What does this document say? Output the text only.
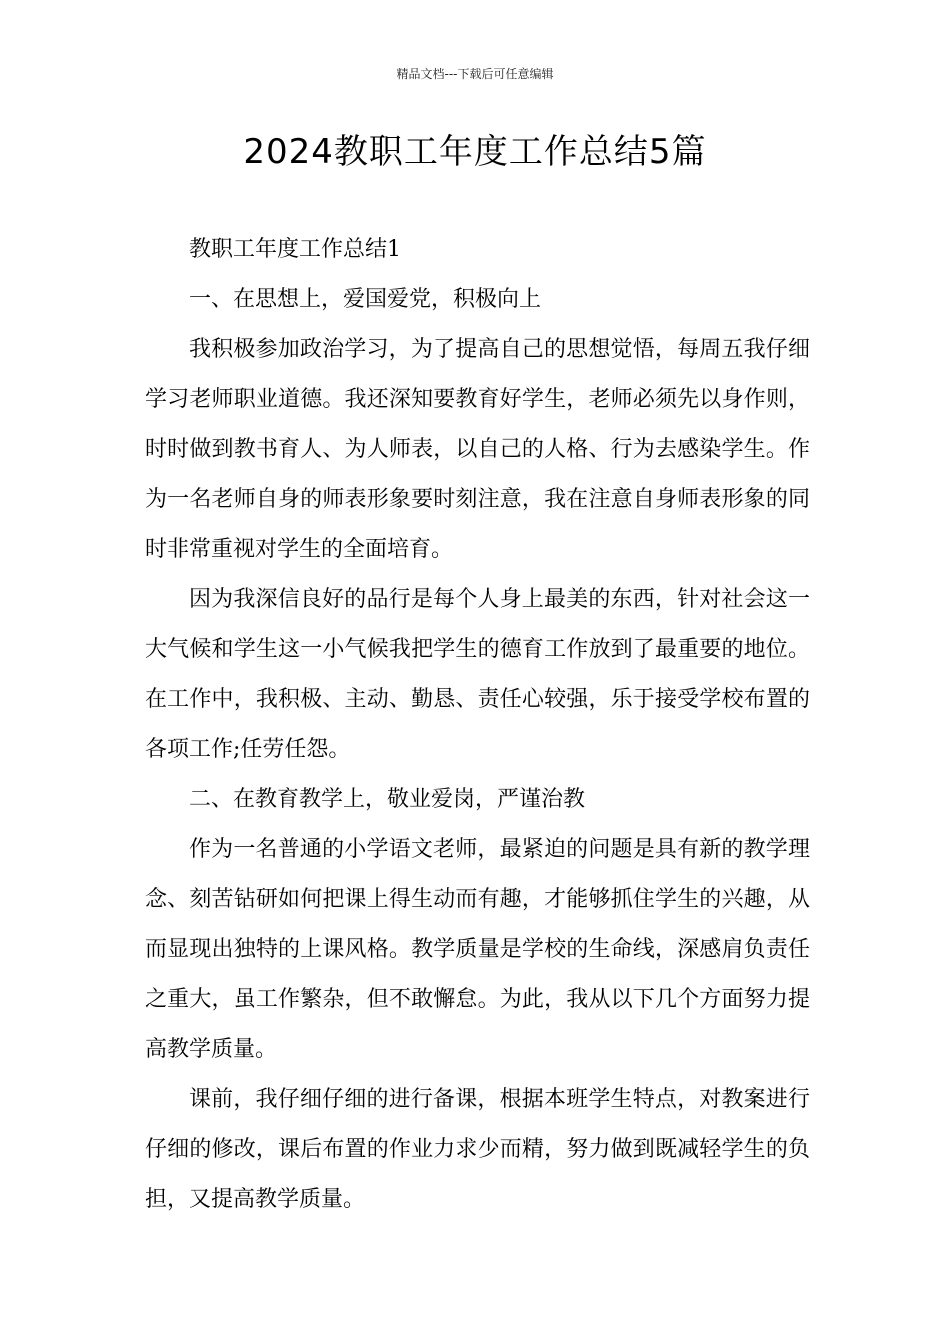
精品文档---下载后可任意编辑
2024教职工年度工作总结5篇

教职工年度工作总结1

一、在思想上，爱国爱党，积极向上

我积极参加政治学习，为了提高自己的思想觉悟，每周五我仔细学习老师职业道德。我还深知要教育好学生，老师必须先以身作则，时时做到教书育人、为人师表，以自己的人格、行为去感染学生。作为一名老师自身的师表形象要时刻注意，我在注意自身师表形象的同时非常重视对学生的全面培育。

因为我深信良好的品行是每个人身上最美的东西，针对社会这一大气候和学生这一小气候我把学生的德育工作放到了最重要的地位。在工作中，我积极、主动、勤恳、责任心较强，乐于接受学校布置的各项工作;任劳任怨。

二、在教育教学上，敬业爱岗，严谨治教

作为一名普通的小学语文老师，最紧迫的问题是具有新的教学理念、刻苦钻研如何把课上得生动而有趣，才能够抓住学生的兴趣，从而显现出独特的上课风格。教学质量是学校的生命线，深感肩负责任之重大，虽工作繁杂，但不敢懈怠。为此，我从以下几个方面努力提高教学质量。

课前，我仔细仔细的进行备课，根据本班学生特点，对教案进行仔细的修改，课后布置的作业力求少而精，努力做到既减轻学生的负担，又提高教学质量。
